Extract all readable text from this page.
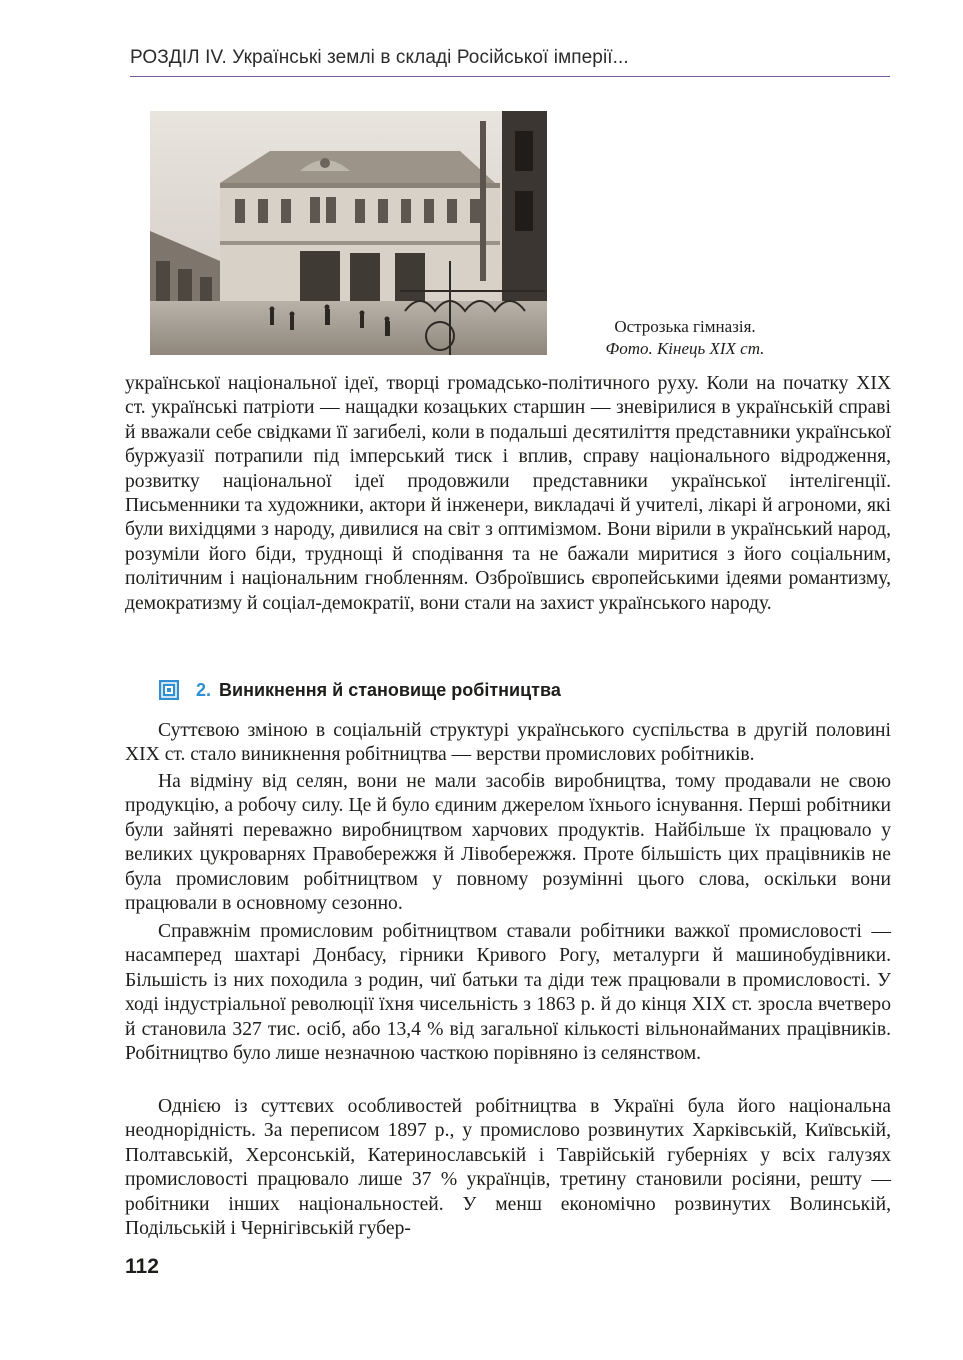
РОЗДІЛ IV. Українські землі в складі Російської імперії...
Острозька гімназія.
Фото. Кінець XIX ст.

української національної ідеї, творці громадсько-політичного руху. Коли на початку XIX ст. українські патріоти — нащадки козацьких старшин — зневірилися в українській справі й вважали себе свідками її загибелі, коли в подальші десятиліття представники української буржуазії потрапили під імперський тиск і вплив, справу національного відродження, розвитку національної ідеї продовжили представники української інтелігенції. Письменники та художники, актори й інженери, викладачі й учителі, лікарі й агрономи, які були вихідцями з народу, дивилися на світ з оптимізмом. Вони вірили в український народ, розуміли його біди, труднощі й сподівання та не бажали миритися з його соціальним, політичним і національним гнобленням. Озброївшись європейськими ідеями романтизму, демократизму й соціал-демократії, вони стали на захист українського народу.

2. Виникнення й становище робітництва

Суттєвою зміною в соціальній структурі українського суспільства в другій половині XIX ст. стало виникнення робітництва — верстви промислових робітників.

На відміну від селян, вони не мали засобів виробництва, тому продавали не свою продукцію, а робочу силу. Це й було єдиним джерелом їхнього існування. Перші робітники були зайняті переважно виробництвом харчових продуктів. Найбільше їх працювало у великих цукроварнях Правобережжя й Лівобережжя. Проте більшість цих працівників не була промисловим робітництвом у повному розумінні цього слова, оскільки вони працювали в основному сезонно.

Справжнім промисловим робітництвом ставали робітники важкої промисловості — насамперед шахтарі Донбасу, гірники Кривого Рогу, металурги й машинобудівники. Більшість із них походила з родин, чиї батьки та діди теж працювали в промисловості. У ході індустріальної революції їхня чисельність з 1863 р. й до кінця XIX ст. зросла вчетверо й становила 327 тис. осіб, або 13,4 % від загальної кількості вільнонайманих працівників. Робітництво було лише незначною часткою порівняно із селянством.

Однією із суттєвих особливостей робітництва в Україні була його національна неоднорідність. За переписом 1897 р., у промислово розвинутих Харківській, Київській, Полтавській, Херсонській, Катеринославській і Таврійській губерніях у всіх галузях промисловості працювало лише 37 % українців, третину становили росіяни, решту — робітники інших національностей. У менш економічно розвинутих Волинській, Подільській і Чернігівській губер-

112
